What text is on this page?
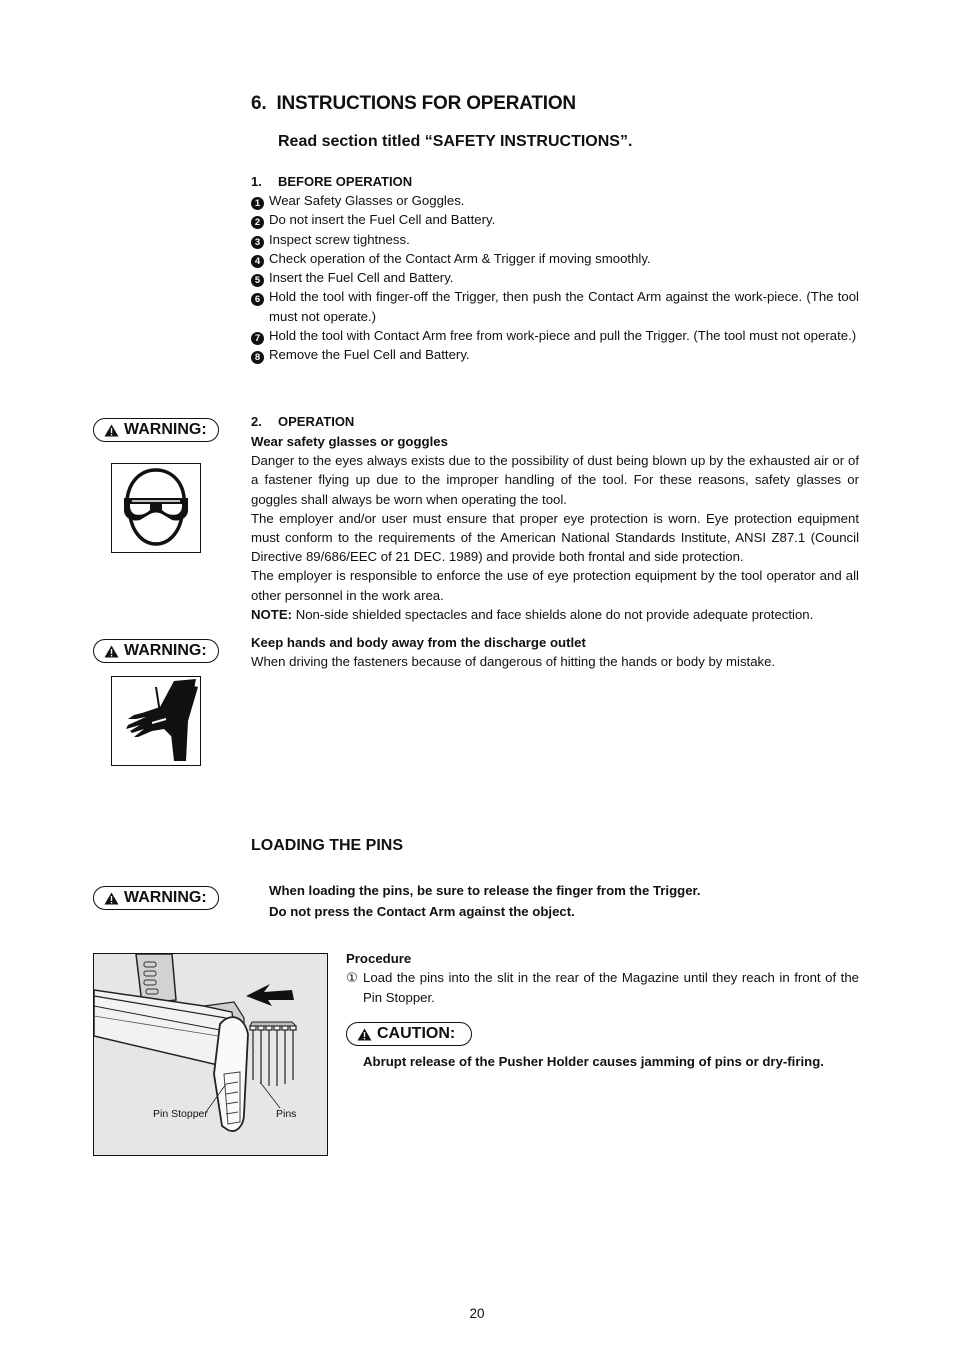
6. INSTRUCTIONS FOR OPERATION
Read section titled “SAFETY INSTRUCTIONS”.
1. BEFORE OPERATION
1 Wear Safety Glasses or Goggles.
2 Do not insert the Fuel Cell and Battery.
3 Inspect screw tightness.
4 Check operation of the Contact Arm & Trigger if moving smoothly.
5 Insert the Fuel Cell and Battery.
6 Hold the tool with finger-off the Trigger, then push the Contact Arm against the work-piece. (The tool must not operate.)
7 Hold the tool with Contact Arm free from work-piece and pull the Trigger. (The tool must not operate.)
8 Remove the Fuel Cell and Battery.
WARNING:	2. OPERATION
Wear safety glasses or goggles
Danger to the eyes always exists due to the possibility of dust being blown up by the exhausted air or of a fastener flying up due to the improper handling of the tool. For these reasons, safety glasses or goggles shall always be worn when operating the tool.
The employer and/or user must ensure that proper eye protection is worn. Eye protection equipment must conform to the requirements of the American National Standards Institute, ANSI Z87.1 (Council Directive 89/686/EEC of 21 DEC. 1989) and provide both frontal and side protection.
The employer is responsible to enforce the use of eye protection equipment by the tool operator and all other personnel in the work area.
NOTE: Non-side shielded spectacles and face shields alone do not provide adequate protection.
WARNING:	Keep hands and body away from the discharge outlet
When driving the fasteners because of dangerous of hitting the hands or body by mistake.
LOADING THE PINS
WARNING:	When loading the pins, be sure to release the finger from the Trigger.
Do not press the Contact Arm against the object.
Pin Stopper	Pins
Procedure
① Load the pins into the slit in the rear of the Magazine until they reach in front of the Pin Stopper.
CAUTION:
Abrupt release of the Pusher Holder causes jamming of pins or dry-firing.
20
